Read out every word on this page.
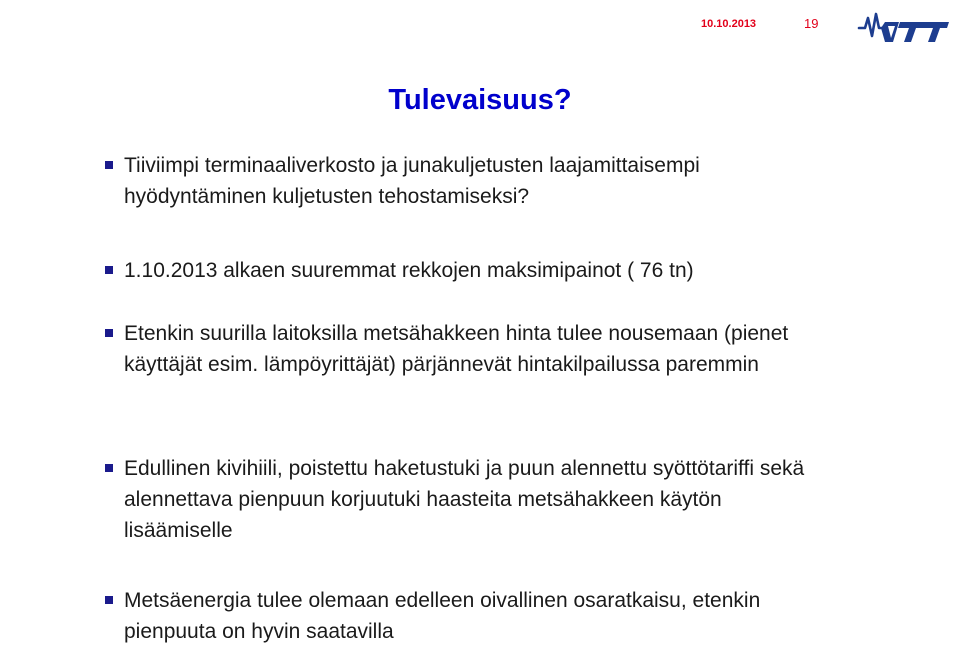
10.10.2013	19
Tulevaisuus?
Tiiviimpi terminaaliverkosto ja junakuljetusten laajamittaisempi hyödyntäminen kuljetusten tehostamiseksi?
1.10.2013 alkaen suuremmat rekkojen maksimipainot ( 76 tn)
Etenkin suurilla laitoksilla metsähakkeen hinta tulee nousemaan (pienet käyttäjät esim. lämpöyrittäjät) pärjännevät hintakilpailussa paremmin
Edullinen kivihiili, poistettu haketustuki ja puun alennettu syöttötariffi sekä alennettava pienpuun korjuutuki haasteita metsähakkeen käytön lisäämiselle
Metsäenergia tulee olemaan edelleen oivallinen osaratkaisu, etenkin pienpuuta on hyvin saatavilla
